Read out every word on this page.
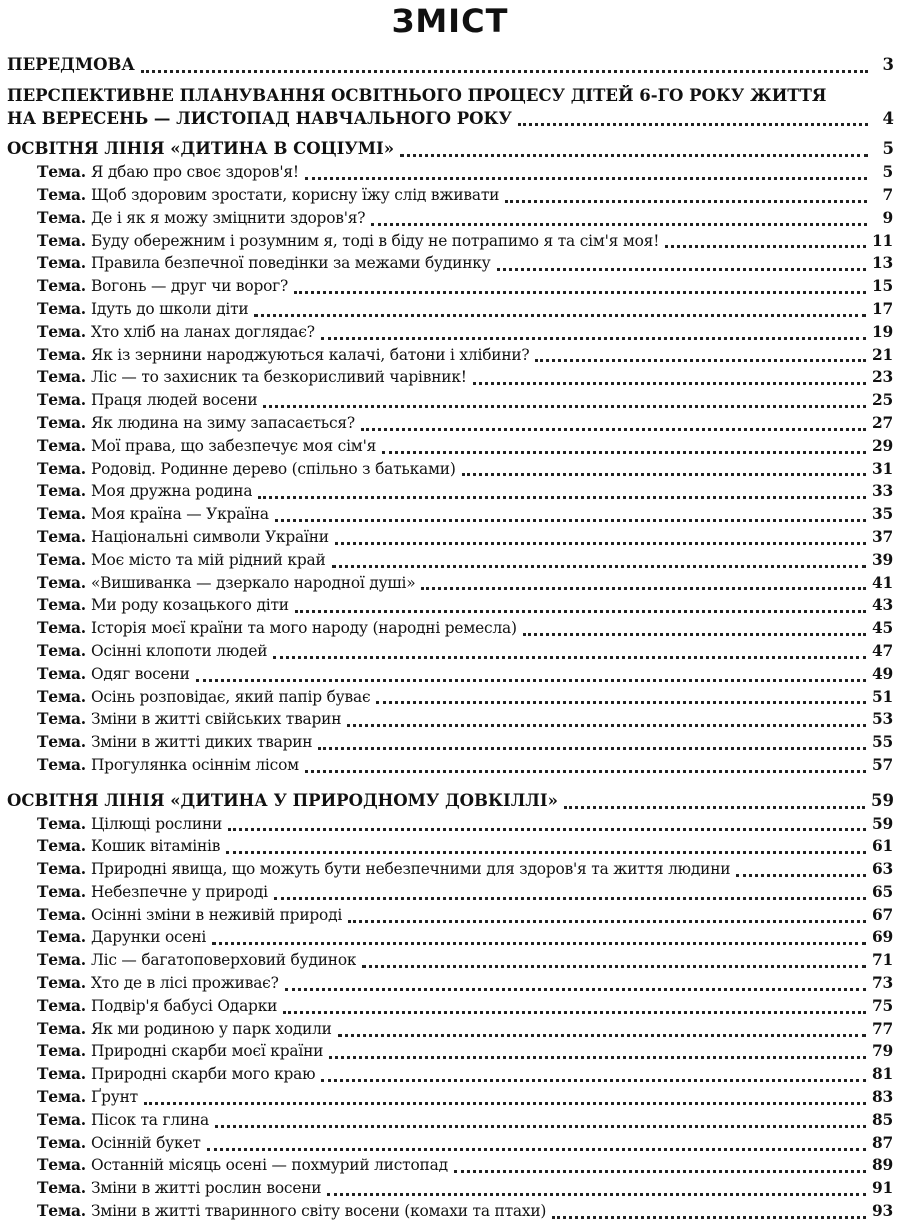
ЗМІСТ
ПЕРЕДМОВА	3
ПЕРСПЕКТИВНЕ ПЛАНУВАННЯ ОСВІТНЬОГО ПРОЦЕСУ ДІТЕЙ 6-ГО РОКУ ЖИТТЯ
НА ВЕРЕСЕНЬ — ЛИСТОПАД НАВЧАЛЬНОГО РОКУ	4
ОСВІТНЯ ЛІНІЯ «ДИТИНА В СОЦІУМІ»	5
Тема. Я дбаю про своє здоров'я!	5
Тема. Щоб здоровим зростати, корисну їжу слід вживати	7
Тема. Де і як я можу зміцнити здоров'я?	9
Тема. Буду обережним і розумним я, тоді в біду не потрапимо я та сім'я моя!	11
Тема. Правила безпечної поведінки за межами будинку	13
Тема. Вогонь — друг чи ворог?	15
Тема. Ідуть до школи діти	17
Тема. Хто хліб на ланах доглядає?	19
Тема. Як із зернини народжуються калачі, батони і хлібини?	21
Тема. Ліс — то захисник та безкорисливий чарівник!	23
Тема. Праця людей восени	25
Тема. Як людина на зиму запасається?	27
Тема. Мої права, що забезпечує моя сім'я	29
Тема. Родовід. Родинне дерево (спільно з батьками)	31
Тема. Моя дружна родина	33
Тема. Моя країна — Україна	35
Тема. Національні символи України	37
Тема. Моє місто та мій рідний край	39
Тема. «Вишиванка — дзеркало народної душі»	41
Тема. Ми роду козацького діти	43
Тема. Історія моєї країни та мого народу (народні ремесла)	45
Тема. Осінні клопоти людей	47
Тема. Одяг восени	49
Тема. Осінь розповідає, який папір буває	51
Тема. Зміни в житті свійських тварин	53
Тема. Зміни в житті диких тварин	55
Тема. Прогулянка осіннім лісом	57
ОСВІТНЯ ЛІНІЯ «ДИТИНА У ПРИРОДНОМУ ДОВКІЛЛІ»	59
Тема. Цілющі рослини	59
Тема. Кошик вітамінів	61
Тема. Природні явища, що можуть бути небезпечними для здоров'я та життя людини	63
Тема. Небезпечне у природі	65
Тема. Осінні зміни в неживій природі	67
Тема. Дарунки осені	69
Тема. Ліс — багатоповерховий будинок	71
Тема. Хто де в лісі проживає?	73
Тема. Подвір'я бабусі Одарки	75
Тема. Як ми родиною у парк ходили	77
Тема. Природні скарби моєї країни	79
Тема. Природні скарби мого краю	81
Тема. Ґрунт	83
Тема. Пісок та глина	85
Тема. Осінній букет	87
Тема. Останній місяць осені — похмурий листопад	89
Тема. Зміни в житті рослин восени	91
Тема. Зміни в житті тваринного світу восени (комахи та птахи)	93
